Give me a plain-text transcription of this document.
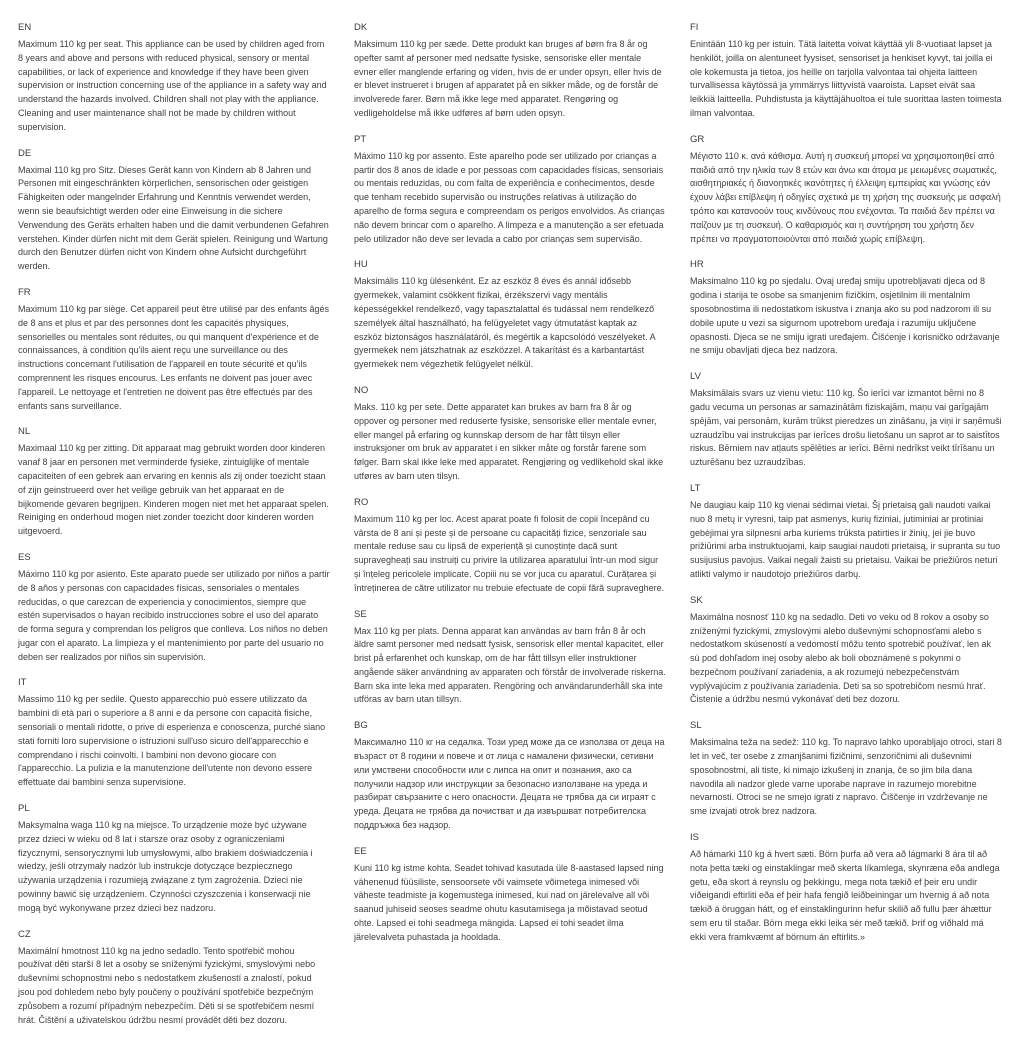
EN

Maximum 110 kg per seat. This appliance can be used by children aged from 8 years and above and persons with reduced physical, sensory or mental capabilities, or lack of experience and knowledge if they have been given supervision or instruction concerning use of the appliance in a safety way and understand the hazards involved. Children shall not play with the appliance. Cleaning and user maintenance shall not be made by children without supervision.

DE

Maximal 110 kg pro Sitz. Dieses Gerät kann von Kindern ab 8 Jahren und Personen mit eingeschränkten körperlichen, sensorischen oder geistigen Fähigkeiten oder mangelnder Erfahrung und Kenntnis verwendet werden, wenn sie beaufsichtigt werden oder eine Einweisung in die sichere Verwendung des Geräts erhalten haben und die damit verbundenen Gefahren verstehen. Kinder dürfen nicht mit dem Gerät spielen. Reinigung und Wartung durch den Benutzer dürfen nicht von Kindern ohne Aufsicht durchgeführt werden.

FR

Maximum 110 kg par siège. Cet appareil peut être utilisé par des enfants âgés de 8 ans et plus et par des personnes dont les capacités physiques, sensorielles ou mentales sont réduites, ou qui manquent d'expérience et de connaissances, à condition qu'ils aient reçu une surveillance ou des instructions concernant l'utilisation de l'appareil en toute sécurité et qu'ils comprennent les risques encourus. Les enfants ne doivent pas jouer avec l'appareil. Le nettoyage et l'entretien ne doivent pas être effectués par des enfants sans surveillance.

NL

Maximaal 110 kg per zitting. Dit apparaat mag gebruikt worden door kinderen vanaf 8 jaar en personen met verminderde fysieke, zintuiglijke of mentale capaciteiten of een gebrek aan ervaring en kennis als zij onder toezicht staan of zijn geinstrueerd over het veilige gebruik van het apparaat en de bijkomende gevaren begrijpen. Kinderen mogen niet met het apparaat spelen. Reiniging en onderhoud mogen niet zonder toezicht door kinderen worden uitgevoerd.

ES

Máximo 110 kg por asiento. Este aparato puede ser utilizado por niños a partir de 8 años y personas con capacidades físicas, sensoriales o mentales reducidas, o que carezcan de experiencia y conocimientos, siempre que estén supervisados o hayan recibido instrucciones sobre el uso del aparato de forma segura y comprendan los peligros que conlleva. Los niños no deben jugar con el aparato. La limpieza y el mantenimiento por parte del usuario no deben ser realizados por niños sin supervisión.

IT

Massimo 110 kg per sedile. Questo apparecchio può essere utilizzato da bambini di età pari o superiore a 8 anni e da persone con capacità fisiche, sensoriali o mentali ridotte, o prive di esperienza e conoscenza, purché siano stati forniti loro supervisione o istruzioni sull'uso sicuro dell'apparecchio e comprendano i rischi coinvolti. I bambini non devono giocare con l'apparecchio. La pulizia e la manutenzione dell'utente non devono essere effettuate dai bambini senza supervisione.

PL

Maksymalna waga 110 kg na miejsce. To urządzenie może być używane przez dzieci w wieku od 8 lat i starsze oraz osoby z ograniczeniami fizycznymi, sensorycznymi lub umysłowymi, albo brakiem doświadczenia i wiedzy, jeśli otrzymały nadzór lub instrukcje dotyczące bezpiecznego używania urządzenia i rozumieją związane z tym zagrożenia. Dzieci nie powinny bawić się urządzeniem. Czynności czyszczenia i konserwacji nie mogą być wykonywane przez dzieci bez nadzoru.

CZ

Maximální hmotnost 110 kg na jedno sedadlo. Tento spotřebič mohou používat děti starší 8 let a osoby se sníženými fyzickými, smyslovými nebo duševními schopnostmi nebo s nedostatkem zkušeností a znalostí, pokud jsou pod dohledem nebo byly poučeny o používání spotřebiče bezpečným způsobem a rozumí případným nebezpečím. Děti si se spotřebičem nesmí hrát. Čištění a uživatelskou údržbu nesmí provádět děti bez dozoru.

DK

Maksimum 110 kg per sæde. Dette produkt kan bruges af børn fra 8 år og opefter samt af personer med nedsatte fysiske, sensoriske eller mentale evner eller manglende erfaring og viden, hvis de er under opsyn, eller hvis de er blevet instrueret i brugen af apparatet på en sikker måde, og de forstår de involverede farer. Børn må ikke lege med apparatet. Rengøring og vedligeholdelse må ikke udføres af børn uden opsyn.

PT

Máximo 110 kg por assento. Este aparelho pode ser utilizado por crianças a partir dos 8 anos de idade e por pessoas com capacidades físicas, sensoriais ou mentais reduzidas, ou com falta de experiência e conhecimentos, desde que tenham recebido supervisão ou instruções relativas à utilização do aparelho de forma segura e compreendam os perigos envolvidos. As crianças não devem brincar com o aparelho. A limpeza e a manutenção a ser efetuada pelo utilizador não deve ser levada a cabo por crianças sem supervisão.

HU

Maksimális 110 kg ülésenként. Ez az eszköz 8 éves és annál idősebb gyermekek, valamint csökkent fizikai, érzékszervi vagy mentális képességekkel rendelkező, vagy tapasztalattal és tudással nem rendelkező személyek által használható, ha felügyeletet vagy útmutatást kaptak az eszköz biztonságos használatáról, és megértik a kapcsolódó veszélyeket. A gyermekek nem játszhatnak az eszközzel. A takarítást és a karbantartást gyermekek nem végezhetik felügyelet nélkül.

NO

Maks. 110 kg per sete. Dette apparatet kan brukes av barn fra 8 år og oppover og personer med reduserte fysiske, sensoriske eller mentale evner, eller mangel på erfaring og kunnskap dersom de har fått tilsyn eller instruksjoner om bruk av apparatet i en sikker måte og forstår farene som følger. Barn skal ikke leke med apparatet. Rengjøring og vedlikehold skal ikke utføres av barn uten tilsyn.

RO

Maximum 110 kg per loc. Acest aparat poate fi folosit de copii începând cu vârsta de 8 ani și peste și de persoane cu capacități fizice, senzoriale sau mentale reduse sau cu lipsă de experiență și cunoștințe dacă sunt supravegheați sau instruiți cu privire la utilizarea aparatului într-un mod sigur și înțeleg pericolele implicate. Copiii nu se vor juca cu aparatul. Curățarea și întreținerea de către utilizator nu trebuie efectuate de copii fără supraveghere.

SE

Max 110 kg per plats. Denna apparat kan användas av barn från 8 år och äldre samt personer med nedsatt fysisk, sensorisk eller mental kapacitet, eller brist på erfarenhet och kunskap, om de har fått tillsyn eller instruktioner angående säker användning av apparaten och förstår de involverade riskerna. Barn ska inte leka med apparaten. Rengöring och användarunderhåll ska inte utföras av barn utan tillsyn.

BG

Максимално 110 кг на седалка. Този уред може да се използва от деца на възраст от 8 години и повече и от лица с намалени физически, сетивни или умствени способности или с липса на опит и познания, ако са получили надзор или инструкции за безопасно използване на уреда и разбират свързаните с него опасности. Децата не трябва да си играят с уреда. Децата не трябва да почистват и да извършват потребителска поддръжка без надзор.

EE

Kuni 110 kg istme kohta. Seadet tohivad kasutada üle 8-aastased lapsed ning vähenenud füüsiliste, sensoorsete või vaimsete võimetega inimesed või väheste teadmiste ja kogemustega inimesed, kui nad on järelevalve all või saanud juhiseid seoses seadme ohutu kasutamisega ja mõistavad seotud ohte. Lapsed ei tohi seadmega mängida. Lapsed ei tohi seadet ilma järelevalveta puhastada ja hooldada.

FI

Enintään 110 kg per istuin. Tätä laitetta voivat käyttää yli 8-vuotiaat lapset ja henkilöt, joilla on alentuneet fyysiset, sensoriset ja henkiset kyvyt, tai joilla ei ole kokemusta ja tietoa, jos heille on tarjolla valvontaa tai ohjeita laitteen turvallisessa käytössä ja ymmärrys liittyvistä vaaroista. Lapset eivät saa leikkiä laitteella. Puhdistusta ja käyttäjähuoltoa ei tule suorittaa lasten toimesta ilman valvontaa.

GR

Μέγιστο 110 κ. ανά κάθισμα. Αυτή η συσκευή μπορεί να χρησιμοποιηθεί από παιδιά από την ηλικία των 8 ετών και άνω και άτομα με μειωμένες σωματικές, αισθητηριακές ή διανοητικές ικανότητες ή έλλειψη εμπειρίας και γνώσης εάν έχουν λάβει επίβλεψη ή οδηγίες σχετικά με τη χρήση της συσκευής με ασφαλή τρόπο και κατανοούν τους κινδύνους που ενέχονται. Τα παιδιά δεν πρέπει να παίζουν με τη συσκευή. Ο καθαρισμός και η συντήρηση του χρήστη δεν πρέπει να πραγματοποιούνται από παιδιά χωρίς επίβλεψη.

HR

Maksimalno 110 kg po sjedalu. Ovaj uređaj smiju upotrebljavati djeca od 8 godina i starija te osobe sa smanjenim fizičkim, osjetilnim ili mentalnim sposobnostima ili nedostatkom iskustva i znanja ako su pod nadzorom ili su dobile upute u vezi sa sigurnom upotrebom uređaja i razumiju uključene opasnosti. Djeca se ne smiju igrati uređajem. Čišćenje i korisničko održavanje ne smiju obavljati djeca bez nadzora.

LV

Maksimālais svars uz vienu vietu: 110 kg. Šo ierīci var izmantot bērni no 8 gadu vecuma un personas ar samazinātām fiziskajām, maņu vai garīgajām spējām, vai personām, kurām trūkst pieredzes un zināšanu, ja viņi ir saņēmuši uzraudzību vai instrukcijas par ierīces drošu lietošanu un saprot ar to saistītos riskus. Bērniem nav atļauts spēlēties ar ierīci. Bērni nedrīkst veikt tīrīšanu un uzturēšanu bez uzraudzības.

LT

Ne daugiau kaip 110 kg vienai sėdimai vietai. Šį prietaisą gali naudoti vaikai nuo 8 metų ir vyresni, taip pat asmenys, kurių fiziniai, jutiminiai ar protiniai gebėjimai yra silpnesni arba kuriems trūksta patirties ir žinių, jei jie buvo prižiūrimi arba instruktuojami, kaip saugiai naudoti prietaisą, ir supranta su tuo susijusius pavojus. Vaikai negali žaisti su prietaisu. Vaikai be priežiūros neturi atlikti valymo ir naudotojo priežiūros darbų.

SK

Maximálna nosnosť 110 kg na sedadlo. Deti vo veku od 8 rokov a osoby so zníženými fyzickými, zmyslovými alebo duševnými schopnosťami alebo s nedostatkom skúseností a vedomostí môžu tento spotrebič používať, len ak sú pod dohľadom inej osoby alebo ak boli oboznámené s pokynmi o bezpečnom používaní zariadenia, a ak rozumejú nebezpečenstvám vyplývajúcim z používania zariadenia. Deti sa so spotrebičom nesmú hrať. Čistenie a údržbu nesmú vykonávať deti bez dozoru.

SL

Maksimalna teža na sedež: 110 kg. To napravo lahko uporabljajo otroci, stari 8 let in več, ter osebe z zmanjšanimi fizičnimi, senzoričnimi ali duševnimi sposobnostmi, ali tiste, ki nimajo izkušenj in znanja, če so jim bila dana navodila ali nadzor glede varne uporabe naprave in razumejo morebitne nevarnosti. Otroci se ne smejo igrati z napravo. Čiščenje in vzdrževanje ne sme izvajati otrok brez nadzora.

IS

Að hámarki 110 kg á hvert sæti. Börn þurfa að vera að lágmarki 8 ára til að nota þetta tæki og einstaklingar með skerta líkamlega, skynræna eða andlega getu, eða skort á reynslu og þekkingu, mega nota tækið ef þeir eru undir viðeigandi eftirliti eða ef þeir hafa fengið leiðbeiningar um hvernig á að nota tækið á öruggan hátt, og ef einstaklingurinn hefur skilið að fullu þær áhættur sem eru til staðar. Börn mega ekki leika sér með tækið. Þrif og viðhald má ekki vera framkvæmt af börnum án eftirlits.»
